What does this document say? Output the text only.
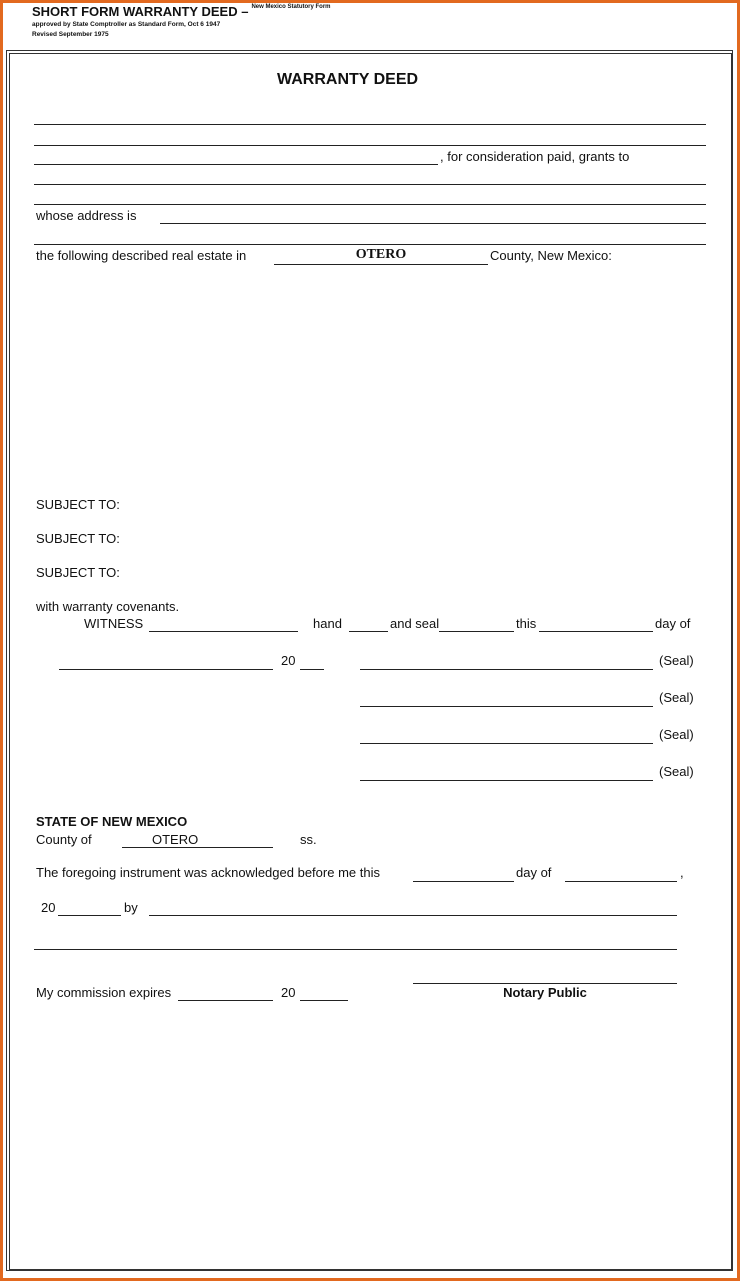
SHORT FORM WARRANTY DEED – $^{New Mexico Statutory Form}$
approved by State Comptroller as Standard Form, Oct 6 1947
Revised September 1975
WARRANTY DEED
, for consideration paid, grants to
whose address is
the following described real estate in	OTERO	County, New Mexico:
SUBJECT TO:
SUBJECT TO:
SUBJECT TO:
with warranty covenants.
WITNESS	hand	and seal	this	day of
20	(Seal)
(Seal)
(Seal)
(Seal)
STATE OF NEW MEXICO
County of	OTERO	ss.
The foregoing instrument was acknowledged before me this	day of	,
20	by
My commission expires	20	Notary Public
